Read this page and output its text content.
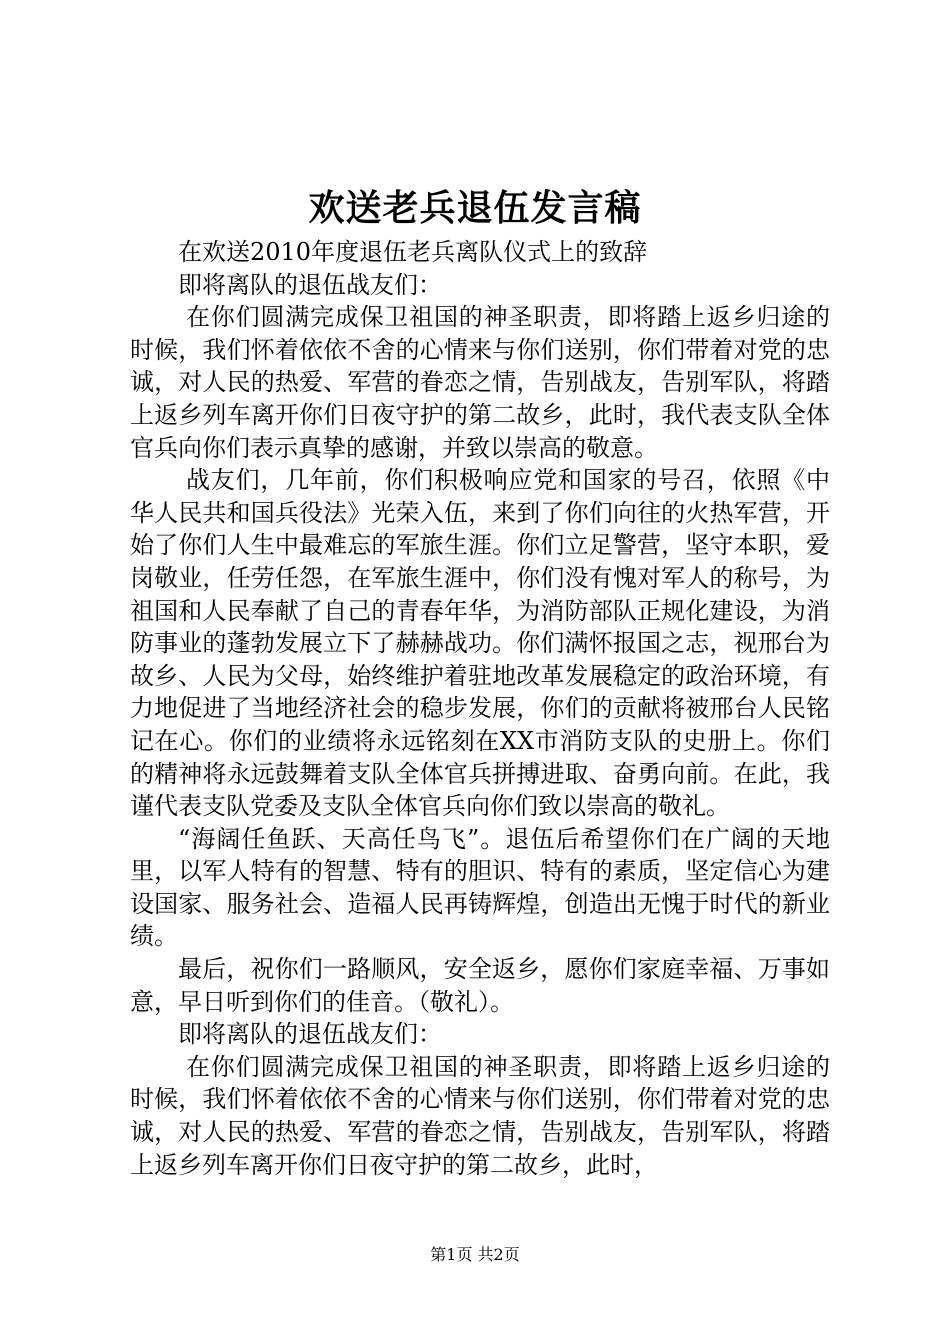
欢送老兵退伍发言稿

在欢送2010年度退伍老兵离队仪式上的致辞

即将离队的退伍战友们：

在你们圆满完成保卫祖国的神圣职责，即将踏上返乡归途的时候，我们怀着依依不舍的心情来与你们送别，你们带着对党的忠诚，对人民的热爱、军营的眷恋之情，告别战友，告别军队，将踏上返乡列车离开你们日夜守护的第二故乡，此时，我代表支队全体官兵向你们表示真挚的感谢，并致以崇高的敬意。

战友们，几年前，你们积极响应党和国家的号召，依照《中华人民共和国兵役法》光荣入伍，来到了你们向往的火热军营，开始了你们人生中最难忘的军旅生涯。你们立足警营，坚守本职，爱岗敬业，任劳任怨，在军旅生涯中，你们没有愧对军人的称号，为祖国和人民奉献了自己的青春年华，为消防部队正规化建设，为消防事业的蓬勃发展立下了赫赫战功。你们满怀报国之志，视邢台为故乡、人民为父母，始终维护着驻地改革发展稳定的政治环境，有力地促进了当地经济社会的稳步发展，你们的贡献将被邢台人民铭记在心。你们的业绩将永远铭刻在XX市消防支队的史册上。你们的精神将永远鼓舞着支队全体官兵拼搏进取、奋勇向前。在此，我谨代表支队党委及支队全体官兵向你们致以崇高的敬礼。

“海阔任鱼跃、天高任鸟飞”。退伍后希望你们在广阔的天地里，以军人特有的智慧、特有的胆识、特有的素质，坚定信心为建设国家、服务社会、造福人民再铸辉煌，创造出无愧于时代的新业绩。

最后，祝你们一路顺风，安全返乡，愿你们家庭幸福、万事如意，早日听到你们的佳音。（敬礼）。

即将离队的退伍战友们：

在你们圆满完成保卫祖国的神圣职责，即将踏上返乡归途的时候，我们怀着依依不舍的心情来与你们送别，你们带着对党的忠诚，对人民的热爱、军营的眷恋之情，告别战友，告别军队，将踏上返乡列车离开你们日夜守护的第二故乡，此时，

第1页 共2页
